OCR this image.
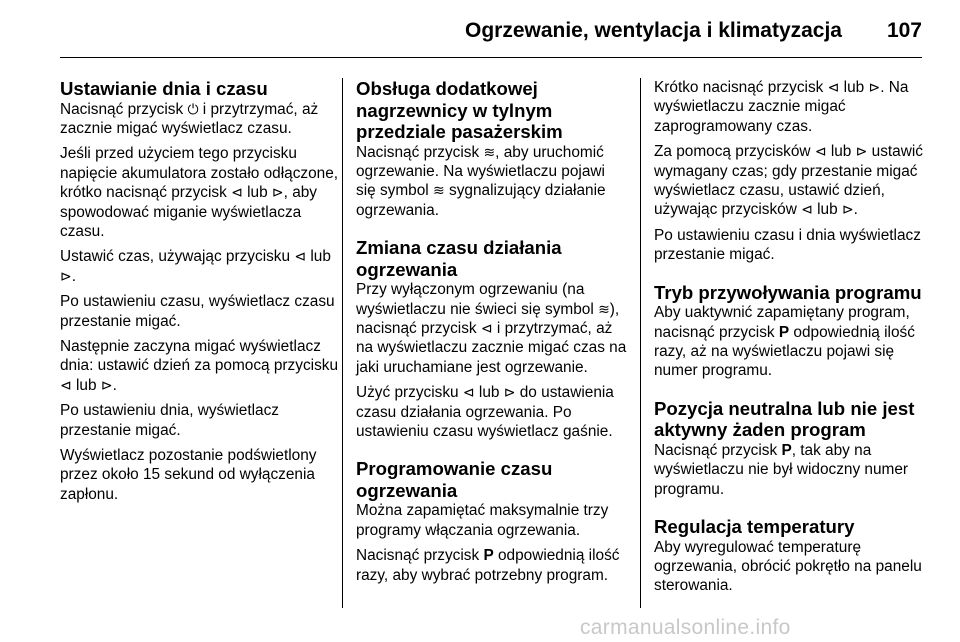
Ogrzewanie, wentylacja i klimatyzacja 107
Ustawianie dnia i czasu

Nacisnąć przycisk ⏻ i przytrzymać, aż zacznie migać wyświetlacz czasu.

Jeśli przed użyciem tego przycisku napięcie akumulatora zostało odłączone, krótko nacisnąć przycisk ⊲ lub ⊳, aby spowodować miganie wyświetlacza czasu.

Ustawić czas, używając przycisku ⊲ lub ⊳.

Po ustawieniu czasu, wyświetlacz czasu przestanie migać.

Następnie zaczyna migać wyświetlacz dnia: ustawić dzień za pomocą przycisku ⊲ lub ⊳.

Po ustawieniu dnia, wyświetlacz przestanie migać.

Wyświetlacz pozostanie podświetlony przez około 15 sekund od wyłączenia zapłonu.

Obsługa dodatkowej nagrzewnicy w tylnym przedziale pasażerskim

Nacisnąć przycisk ≋, aby uruchomić ogrzewanie. Na wyświetlaczu pojawi się symbol ≋ sygnalizujący działanie ogrzewania.

Zmiana czasu działania ogrzewania

Przy wyłączonym ogrzewaniu (na wyświetlaczu nie świeci się symbol ≋), nacisnąć przycisk ⊲ i przytrzymać, aż na wyświetlaczu zacznie migać czas na jaki uruchamiane jest ogrzewanie.

Użyć przycisku ⊲ lub ⊳ do ustawienia czasu działania ogrzewania. Po ustawieniu czasu wyświetlacz gaśnie.

Programowanie czasu ogrzewania

Można zapamiętać maksymalnie trzy programy włączania ogrzewania.

Nacisnąć przycisk P odpowiednią ilość razy, aby wybrać potrzebny program.

Krótko nacisnąć przycisk ⊲ lub ⊳. Na wyświetlaczu zacznie migać zaprogramowany czas.

Za pomocą przycisków ⊲ lub ⊳ ustawić wymagany czas; gdy przestanie migać wyświetlacz czasu, ustawić dzień, używając przycisków ⊲ lub ⊳.

Po ustawieniu czasu i dnia wyświetlacz przestanie migać.

Tryb przywoływania programu

Aby uaktywnić zapamiętany program, nacisnąć przycisk P odpowiednią ilość razy, aż na wyświetlaczu pojawi się numer programu.

Pozycja neutralna lub nie jest aktywny żaden program

Nacisnąć przycisk P, tak aby na wyświetlaczu nie był widoczny numer programu.

Regulacja temperatury

Aby wyregulować temperaturę ogrzewania, obrócić pokrętło na panelu sterowania.

carmanualsonline.info
